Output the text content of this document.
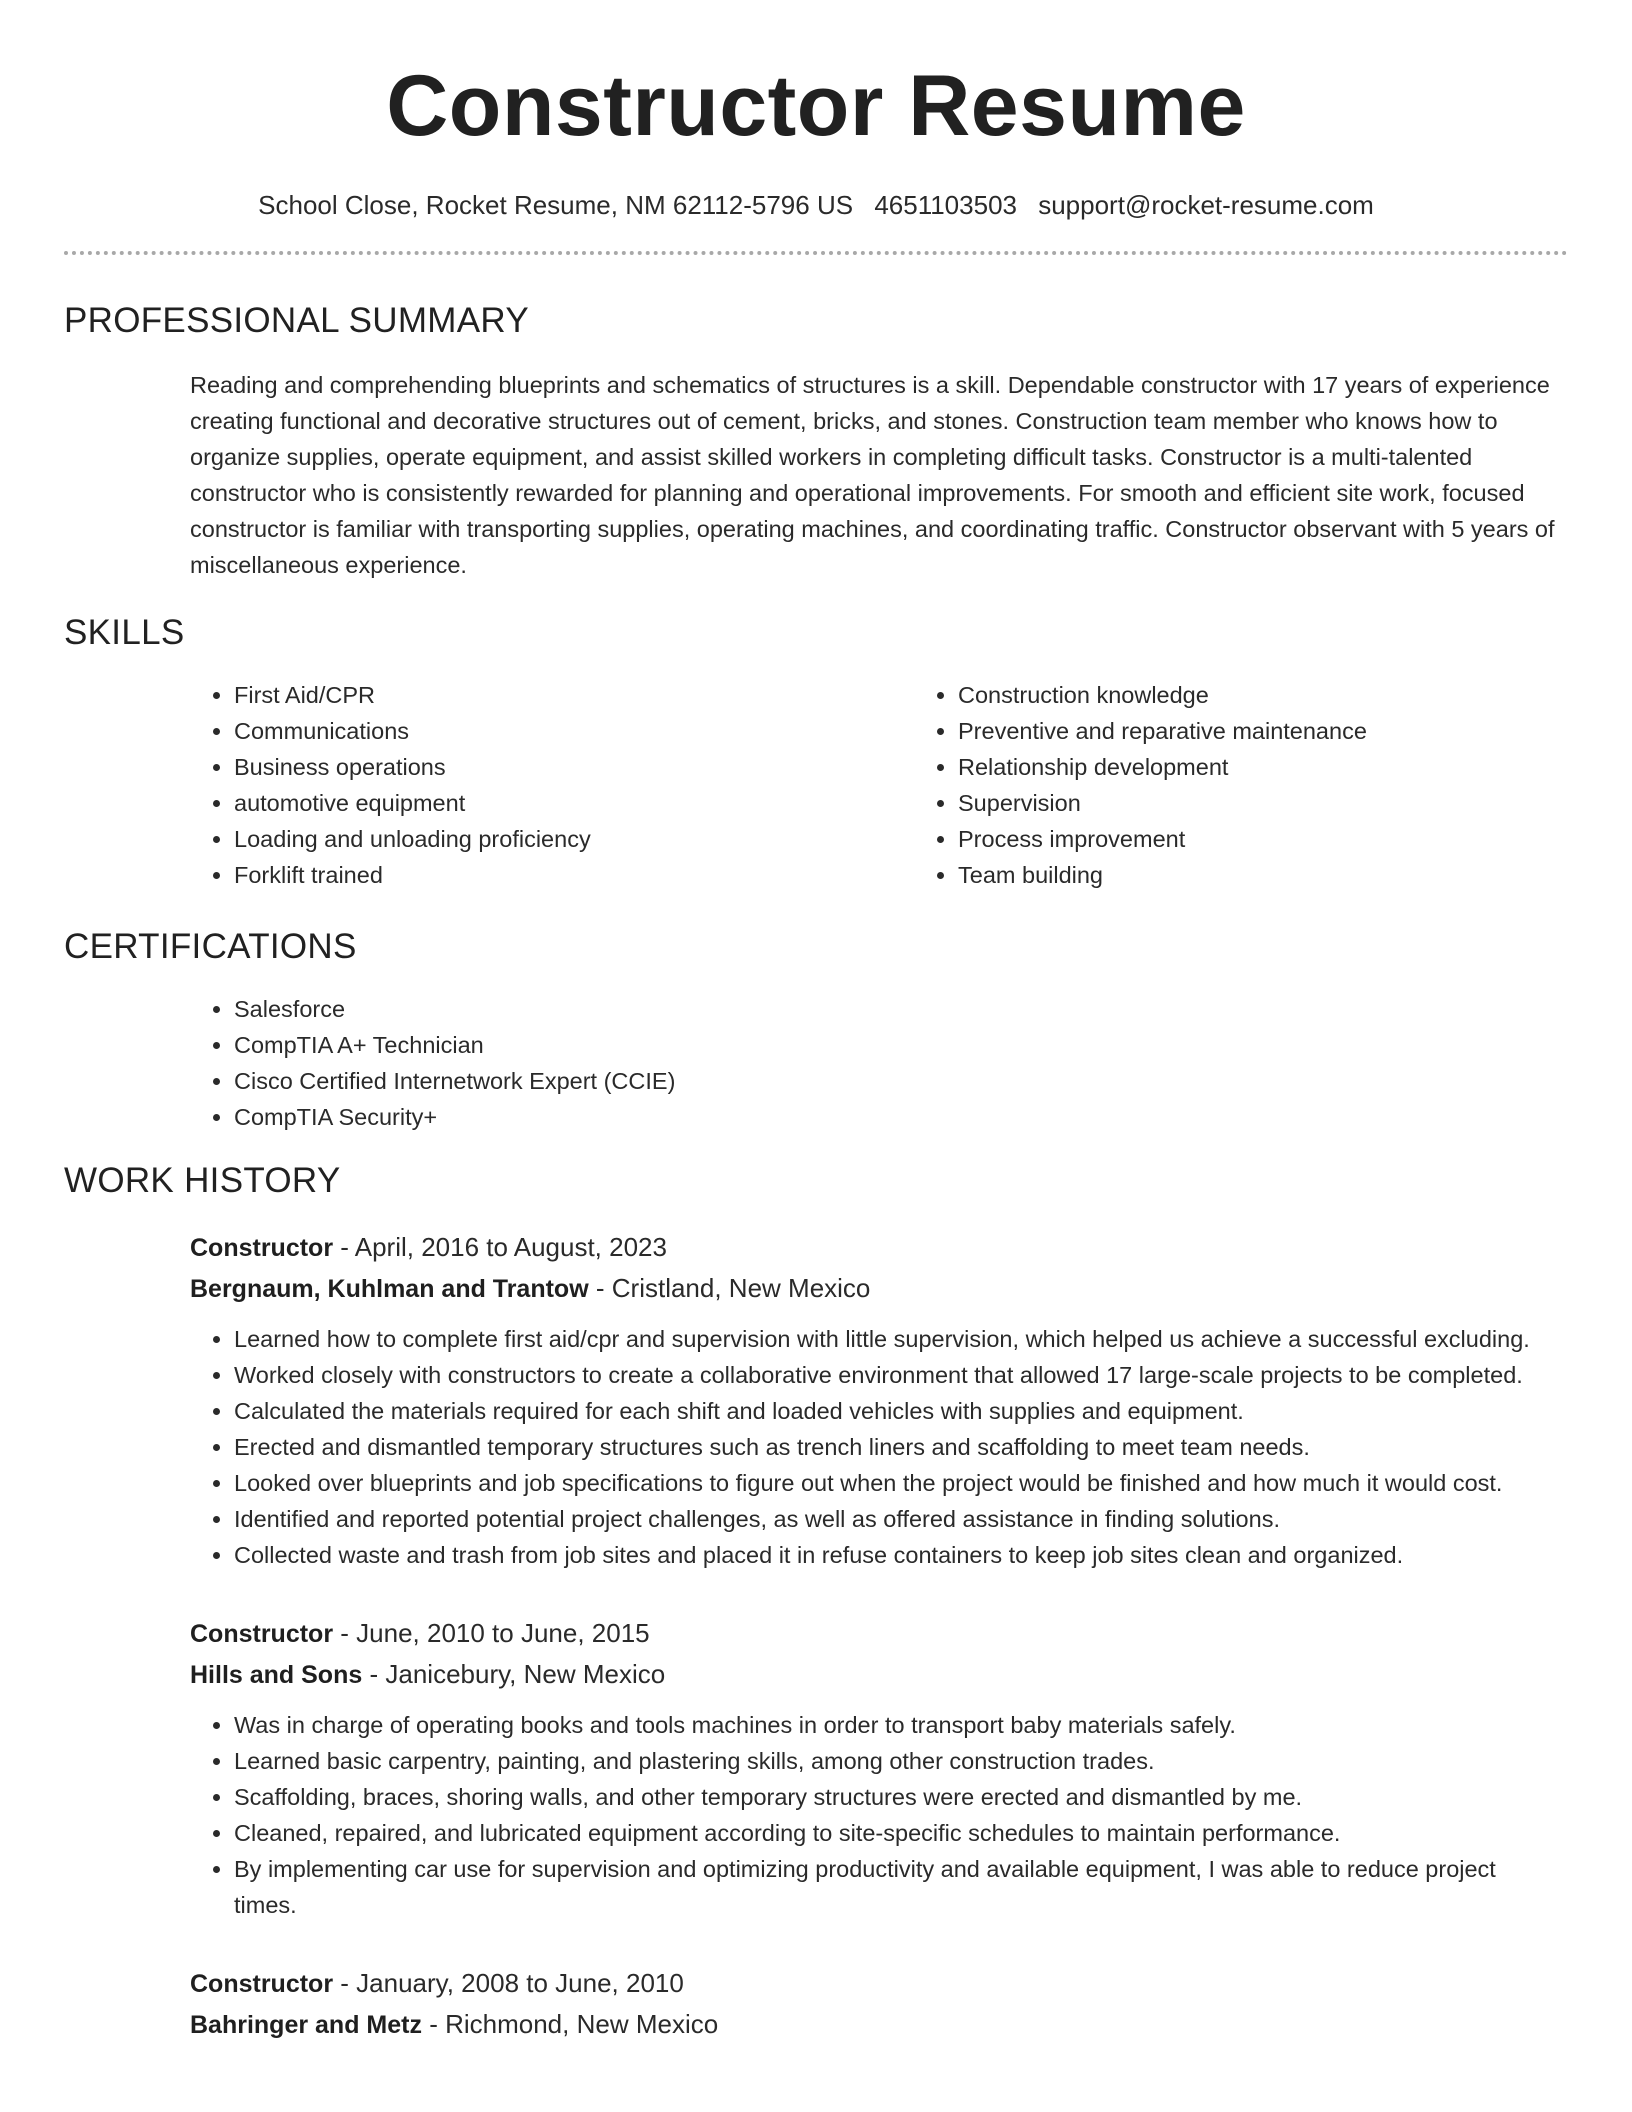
Constructor Resume
School Close, Rocket Resume, NM 62112-5796 US 4651103503 support@rocket-resume.com
PROFESSIONAL SUMMARY
Reading and comprehending blueprints and schematics of structures is a skill. Dependable constructor with 17 years of experience creating functional and decorative structures out of cement, bricks, and stones. Construction team member who knows how to organize supplies, operate equipment, and assist skilled workers in completing difficult tasks. Constructor is a multi-talented constructor who is consistently rewarded for planning and operational improvements. For smooth and efficient site work, focused constructor is familiar with transporting supplies, operating machines, and coordinating traffic. Constructor observant with 5 years of miscellaneous experience.
SKILLS
• First Aid/CPR
• Communications
• Business operations
• automotive equipment
• Loading and unloading proficiency
• Forklift trained
• Construction knowledge
• Preventive and reparative maintenance
• Relationship development
• Supervision
• Process improvement
• Team building
CERTIFICATIONS
• Salesforce
• CompTIA A+ Technician
• Cisco Certified Internetwork Expert (CCIE)
• CompTIA Security+
WORK HISTORY
Constructor - April, 2016 to August, 2023
Bergnaum, Kuhlman and Trantow - Cristland, New Mexico
• Learned how to complete first aid/cpr and supervision with little supervision, which helped us achieve a successful excluding.
• Worked closely with constructors to create a collaborative environment that allowed 17 large-scale projects to be completed.
• Calculated the materials required for each shift and loaded vehicles with supplies and equipment.
• Erected and dismantled temporary structures such as trench liners and scaffolding to meet team needs.
• Looked over blueprints and job specifications to figure out when the project would be finished and how much it would cost.
• Identified and reported potential project challenges, as well as offered assistance in finding solutions.
• Collected waste and trash from job sites and placed it in refuse containers to keep job sites clean and organized.
Constructor - June, 2010 to June, 2015
Hills and Sons - Janicebury, New Mexico
• Was in charge of operating books and tools machines in order to transport baby materials safely.
• Learned basic carpentry, painting, and plastering skills, among other construction trades.
• Scaffolding, braces, shoring walls, and other temporary structures were erected and dismantled by me.
• Cleaned, repaired, and lubricated equipment according to site-specific schedules to maintain performance.
• By implementing car use for supervision and optimizing productivity and available equipment, I was able to reduce project times.
Constructor - January, 2008 to June, 2010
Bahringer and Metz - Richmond, New Mexico
